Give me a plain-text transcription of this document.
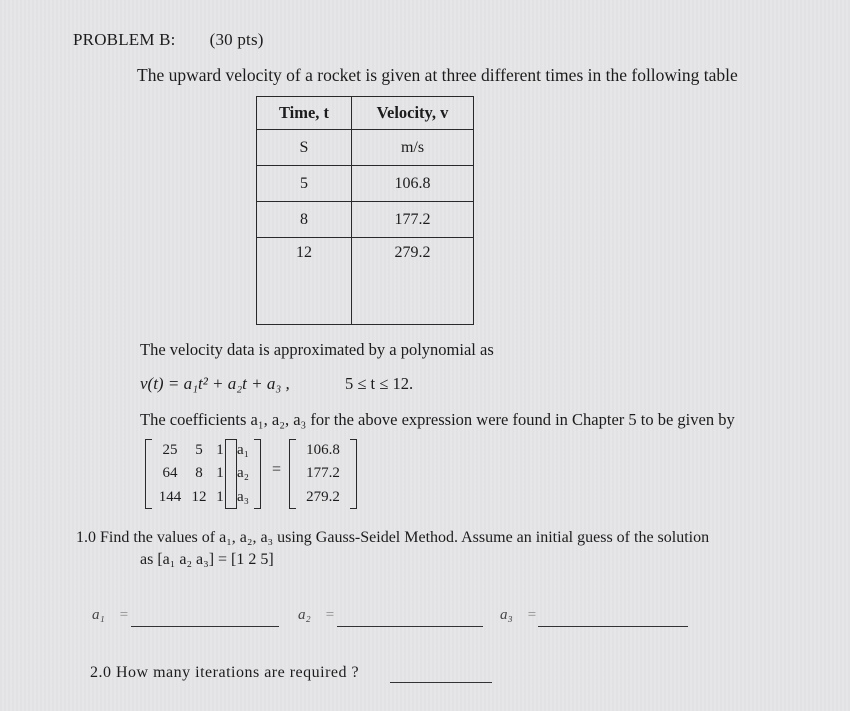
PROBLEM B: (30 pts)
The upward velocity of a rocket is given at three different times in the following table
Time, t	Velocity, v
S	m/s
5	106.8
8	177.2
12	279.2
The velocity data is approximated by a polynomial as
v(t) = a₁t² + a₂t + a₃ ,	5 ≤ t ≤ 12.
The coefficients a₁, a₂, a₃ for the above expression were found in Chapter 5 to be given by
25	5 1
64	8 1
144 12 1
a₁
a₂
a₃
=
106.8
177.2
279.2
1.0 Find the values of a₁, a₂, a₃ using Gauss-Seidel Method. Assume an initial guess of the solution
as [a₁ a₂ a₃] = [1 2 5]
a₁ =	a₂ =	a₃ =
2.0 How many iterations are required ?
